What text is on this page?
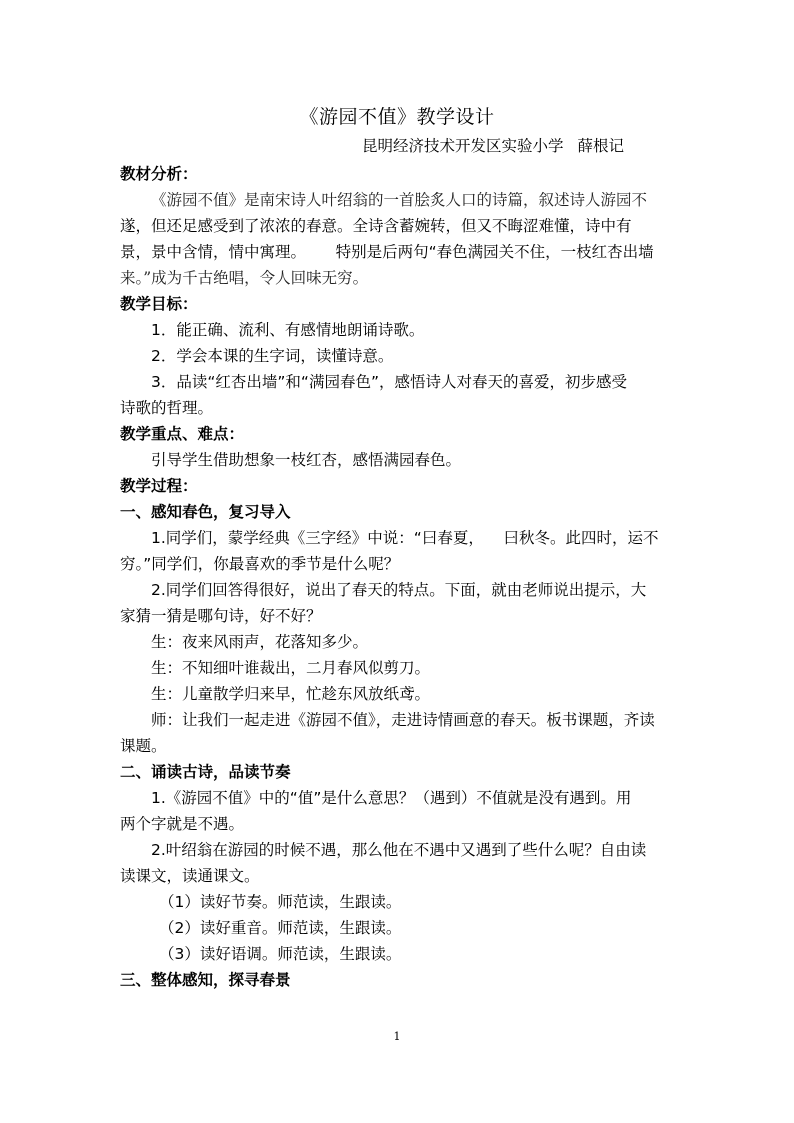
《游园不值》教学设计
昆明经济技术开发区实验小学 薛根记
教材分析：
《游园不值》是南宋诗人叶绍翁的一首脍炙人口的诗篇，叙述诗人游园不
遂，但还足感受到了浓浓的春意。全诗含蓄婉转，但又不晦涩难懂，诗中有
景，景中含情，情中寓理。      特别是后两句“春色满园关不住，一枝红杏出墙
来。”成为千古绝唱，令人回味无穷。
教学目标：
1．能正确、流利、有感情地朗诵诗歌。
2．学会本课的生字词，读懂诗意。
3．品读“红杏出墙”和“满园春色”，感悟诗人对春天的喜爱，初步感受
诗歌的哲理。
教学重点、难点：
引导学生借助想象一枝红杏，感悟满园春色。
教学过程：
一、感知春色，复习导入
1.同学们，蒙学经典《三字经》中说：“曰春夏，    曰秋冬。此四时，运不
穷。”同学们，你最喜欢的季节是什么呢？
2.同学们回答得很好，说出了春天的特点。下面，就由老师说出提示，大
家猜一猜是哪句诗，好不好？
生：夜来风雨声，花落知多少。
生：不知细叶谁裁出，二月春风似剪刀。
生：儿童散学归来早，忙趁东风放纸鸢。
师：让我们一起走进《游园不值》，走进诗情画意的春天。板书课题，齐读
课题。
二、诵读古诗，品读节奏
1.《游园不值》中的“值”是什么意思？（遇到）不值就是没有遇到。用
两个字就是不遇。
2.叶绍翁在游园的时候不遇，那么他在不遇中又遇到了些什么呢？自由读
读课文，读通课文。
（1）读好节奏。师范读，生跟读。
（2）读好重音。师范读，生跟读。
（3）读好语调。师范读，生跟读。
三、整体感知，探寻春景
1
